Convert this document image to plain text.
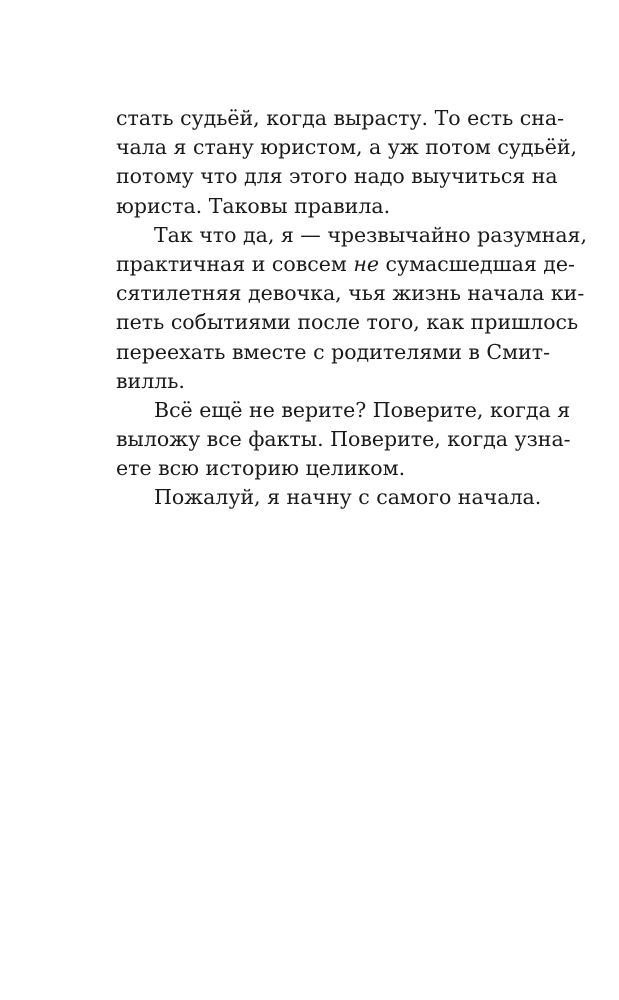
стать судьёй, когда вырасту. То есть сна-
чала я стану юристом, а уж потом судьёй,
потому что для этого надо выучиться на
юриста. Таковы правила.
Так что да, я — чрезвычайно разумная,
практичная и совсем не сумасшедшая де-
сятилетняя девочка, чья жизнь начала ки-
петь событиями после того, как пришлось
переехать вместе с родителями в Смит-
вилль.
Всё ещё не верите? Поверите, когда я
выложу все факты. Поверите, когда узна-
ете всю историю целиком.
Пожалуй, я начну с самого начала.
